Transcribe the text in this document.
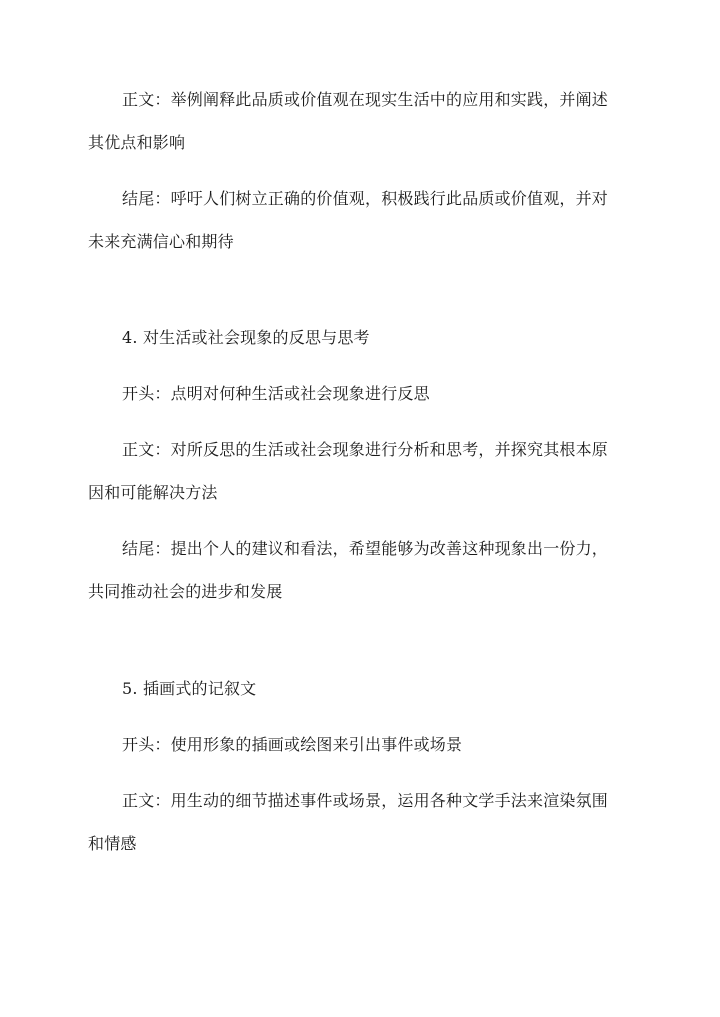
正文：举例阐释此品质或价值观在现实生活中的应用和实践，并阐述
其优点和影响
结尾：呼吁人们树立正确的价值观，积极践行此品质或价值观，并对
未来充满信心和期待
4. 对生活或社会现象的反思与思考
开头：点明对何种生活或社会现象进行反思
正文：对所反思的生活或社会现象进行分析和思考，并探究其根本原
因和可能解决方法
结尾：提出个人的建议和看法，希望能够为改善这种现象出一份力，
共同推动社会的进步和发展
5. 插画式的记叙文
开头：使用形象的插画或绘图来引出事件或场景
正文：用生动的细节描述事件或场景，运用各种文学手法来渲染氛围
和情感
